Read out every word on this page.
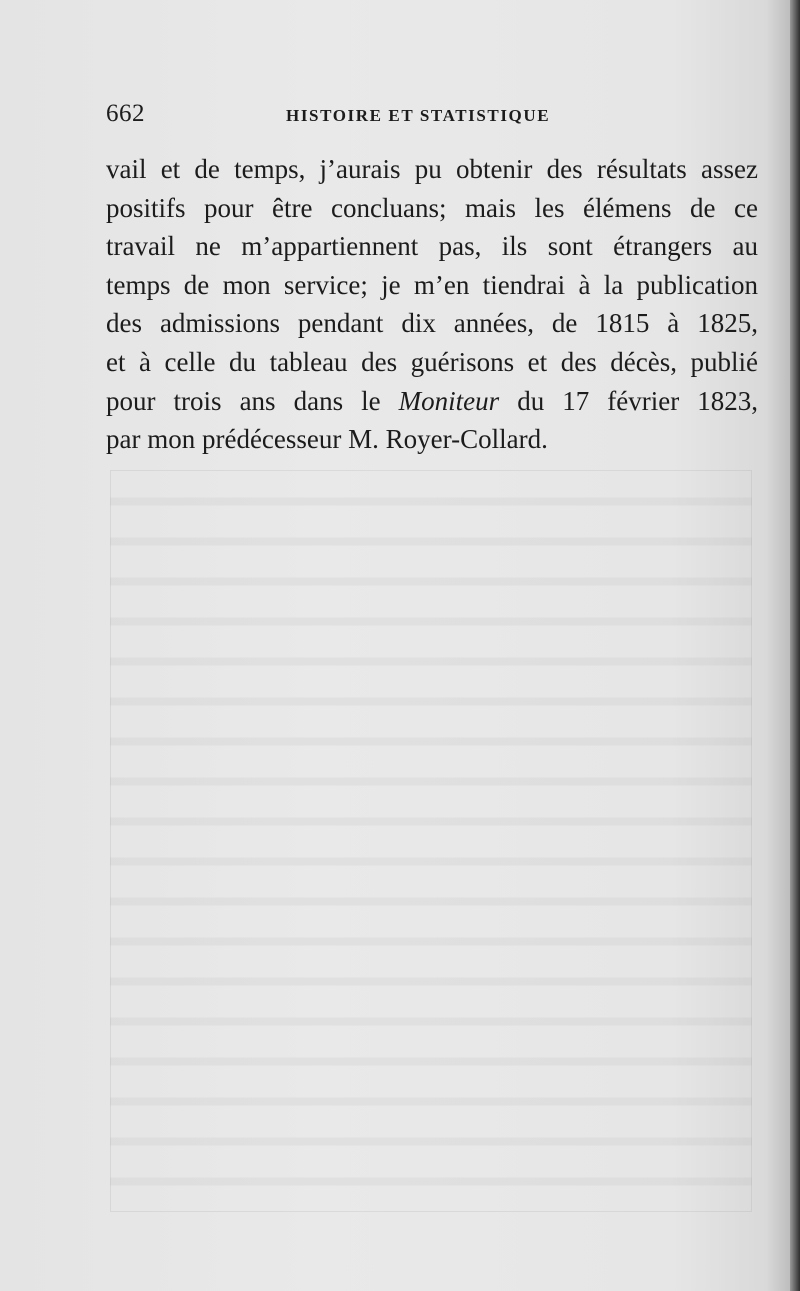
662	HISTOIRE ET STATISTIQUE
vail et de temps, j’aurais pu obtenir des résultats assez
positifs pour être concluans; mais les élémens de ce
travail ne m’appartiennent pas, ils sont étrangers au
temps de mon service; je m’en tiendrai à la publication
des admissions pendant dix années, de 1815 à 1825,
et à celle du tableau des guérisons et des décès, publié
pour trois ans dans le Moniteur du 17 février 1823,
par mon prédécesseur M. Royer-Collard.
